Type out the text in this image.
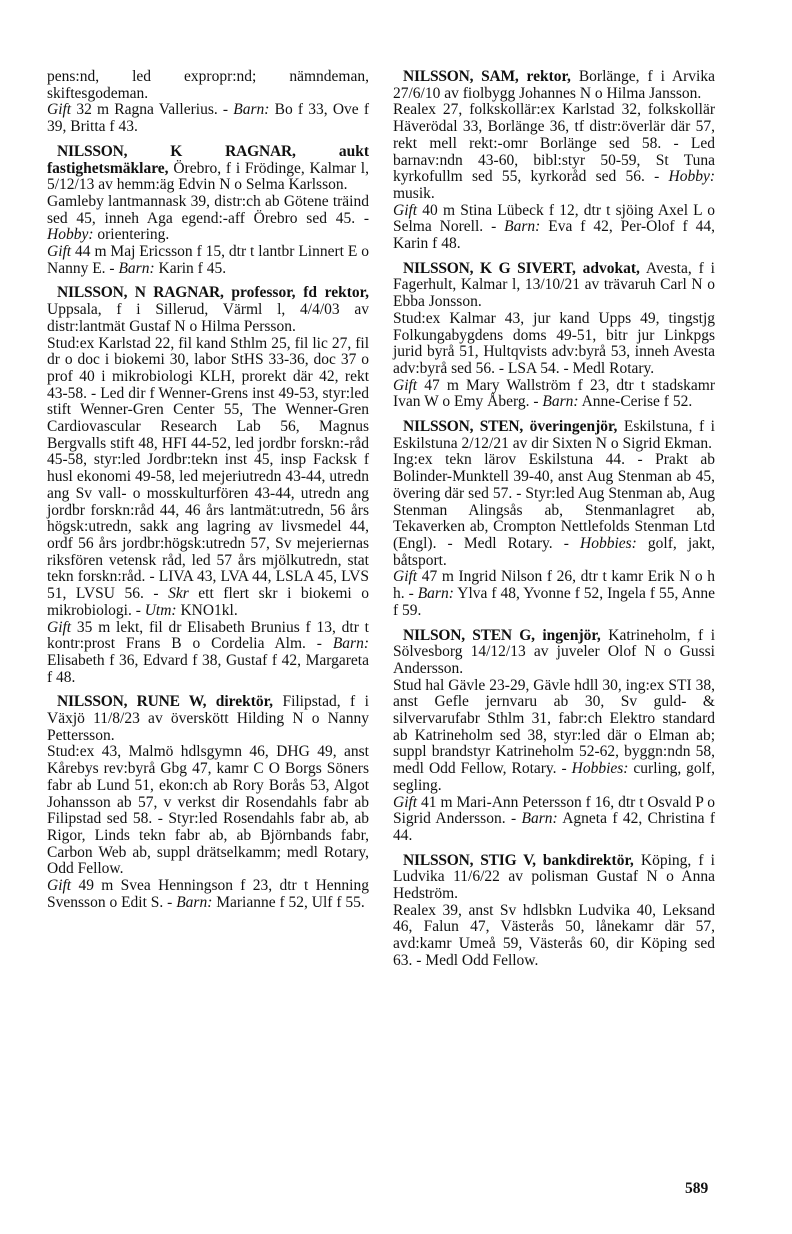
pens:nd, led expropr:nd; nämndeman, skiftesgodeman.

Gift 32 m Ragna Vallerius. - Barn: Bo f 33, Ove f 39, Britta f 43.

NILSSON, K RAGNAR, aukt fastighetsmäklare, Örebro, f i Frödinge, Kalmar l, 5/12/13 av hemm:äg Edvin N o Selma Karlsson.

Gamleby lantmannask 39, distr:ch ab Götene träind sed 45, inneh Aga egend:-aff Örebro sed 45. - Hobby: orientering.

Gift 44 m Maj Ericsson f 15, dtr t lantbr Linnert E o Nanny E. - Barn: Karin f 45.

NILSSON, N RAGNAR, professor, fd rektor, Uppsala, f i Sillerud, Värml l, 4/4/03 av distr:lantmät Gustaf N o Hilma Persson.

Stud:ex Karlstad 22, fil kand Sthlm 25, fil lic 27, fil dr o doc i biokemi 30, labor StHS 33-36, doc 37 o prof 40 i mikrobiologi KLH, prorekt där 42, rekt 43-58. - Led dir f Wenner-Grens inst 49-53, styr:led stift Wenner-Gren Center 55, The Wenner-Gren Cardiovascular Research Lab 56, Magnus Bergvalls stift 48, HFI 44-52, led jordbr forskn:-råd 45-58, styr:led Jordbr:tekn inst 45, insp Facksk f husl ekonomi 49-58, led mejeriutredn 43-44, utredn ang Sv vall- o mosskulturfören 43-44, utredn ang jordbr forskn:råd 44, 46 års lantmät:utredn, 56 års högsk:utredn, sakk ang lagring av livsmedel 44, ordf 56 års jordbr:högsk:utredn 57, Sv mejeriernas riksfören vetensk råd, led 57 års mjölkutredn, stat tekn forskn:råd. - LIVA 43, LVA 44, LSLA 45, LVS 51, LVSU 56. - Skr ett flert skr i biokemi o mikrobiologi. - Utm: KNO1kl.

Gift 35 m lekt, fil dr Elisabeth Brunius f 13, dtr t kontr:prost Frans B o Cordelia Alm. - Barn: Elisabeth f 36, Edvard f 38, Gustaf f 42, Margareta f 48.

NILSSON, RUNE W, direktör, Filipstad, f i Växjö 11/8/23 av överskött Hilding N o Nanny Pettersson.

Stud:ex 43, Malmö hdlsgymn 46, DHG 49, anst Kårebys rev:byrå Gbg 47, kamr C O Borgs Söners fabr ab Lund 51, ekon:ch ab Rory Borås 53, Algot Johansson ab 57, v verkst dir Rosendahls fabr ab Filipstad sed 58. - Styr:led Rosendahls fabr ab, ab Rigor, Linds tekn fabr ab, ab Björnbands fabr, Carbon Web ab, suppl drätselkamm; medl Rotary, Odd Fellow.

Gift 49 m Svea Henningson f 23, dtr t Henning Svensson o Edit S. - Barn: Marianne f 52, Ulf f 55.

NILSSON, SAM, rektor, Borlänge, f i Arvika 27/6/10 av fiolbygg Johannes N o Hilma Jansson.

Realex 27, folkskollär:ex Karlstad 32, folkskollär Häverödal 33, Borlänge 36, tf distr:överlär där 57, rekt mell rekt:-omr Borlänge sed 58. - Led barnav:ndn 43-60, bibl:styr 50-59, St Tuna kyrkofullm sed 55, kyrkoråd sed 56. - Hobby: musik.

Gift 40 m Stina Lübeck f 12, dtr t sjöing Axel L o Selma Norell. - Barn: Eva f 42, Per-Olof f 44, Karin f 48.

NILSSON, K G SIVERT, advokat, Avesta, f i Fagerhult, Kalmar l, 13/10/21 av trävaruh Carl N o Ebba Jonsson.

Stud:ex Kalmar 43, jur kand Upps 49, tingstjg Folkungabygdens doms 49-51, bitr jur Linkpgs jurid byrå 51, Hultqvists adv:byrå 53, inneh Avesta adv:byrå sed 56. - LSA 54. - Medl Rotary.

Gift 47 m Mary Wallström f 23, dtr t stadskamr Ivan W o Emy Åberg. - Barn: Anne-Cerise f 52.

NILSSON, STEN, överingenjör, Eskilstuna, f i Eskilstuna 2/12/21 av dir Sixten N o Sigrid Ekman.

Ing:ex tekn lärov Eskilstuna 44. - Prakt ab Bolinder-Munktell 39-40, anst Aug Stenman ab 45, övering där sed 57. - Styr:led Aug Stenman ab, Aug Stenman Alingsås ab, Stenmanlagret ab, Tekaverken ab, Crompton Nettlefolds Stenman Ltd (Engl). - Medl Rotary. - Hobbies: golf, jakt, båtsport.

Gift 47 m Ingrid Nilson f 26, dtr t kamr Erik N o h h. - Barn: Ylva f 48, Yvonne f 52, Ingela f 55, Anne f 59.

NILSON, STEN G, ingenjör, Katrineholm, f i Sölvesborg 14/12/13 av juveler Olof N o Gussi Andersson.

Stud hal Gävle 23-29, Gävle hdll 30, ing:ex STI 38, anst Gefle jernvaru ab 30, Sv guld- & silvervarufabr Sthlm 31, fabr:ch Elektro standard ab Katrineholm sed 38, styr:led där o Elman ab; suppl brandstyr Katrineholm 52-62, byggn:ndn 58, medl Odd Fellow, Rotary. - Hobbies: curling, golf, segling.

Gift 41 m Mari-Ann Petersson f 16, dtr t Osvald P o Sigrid Andersson. - Barn: Agneta f 42, Christina f 44.

NILSSON, STIG V, bankdirektör, Köping, f i Ludvika 11/6/22 av polisman Gustaf N o Anna Hedström.

Realex 39, anst Sv hdlsbkn Ludvika 40, Leksand 46, Falun 47, Västerås 50, lånekamr där 57, avd:kamr Umeå 59, Västerås 60, dir Köping sed 63. - Medl Odd Fellow.

589
